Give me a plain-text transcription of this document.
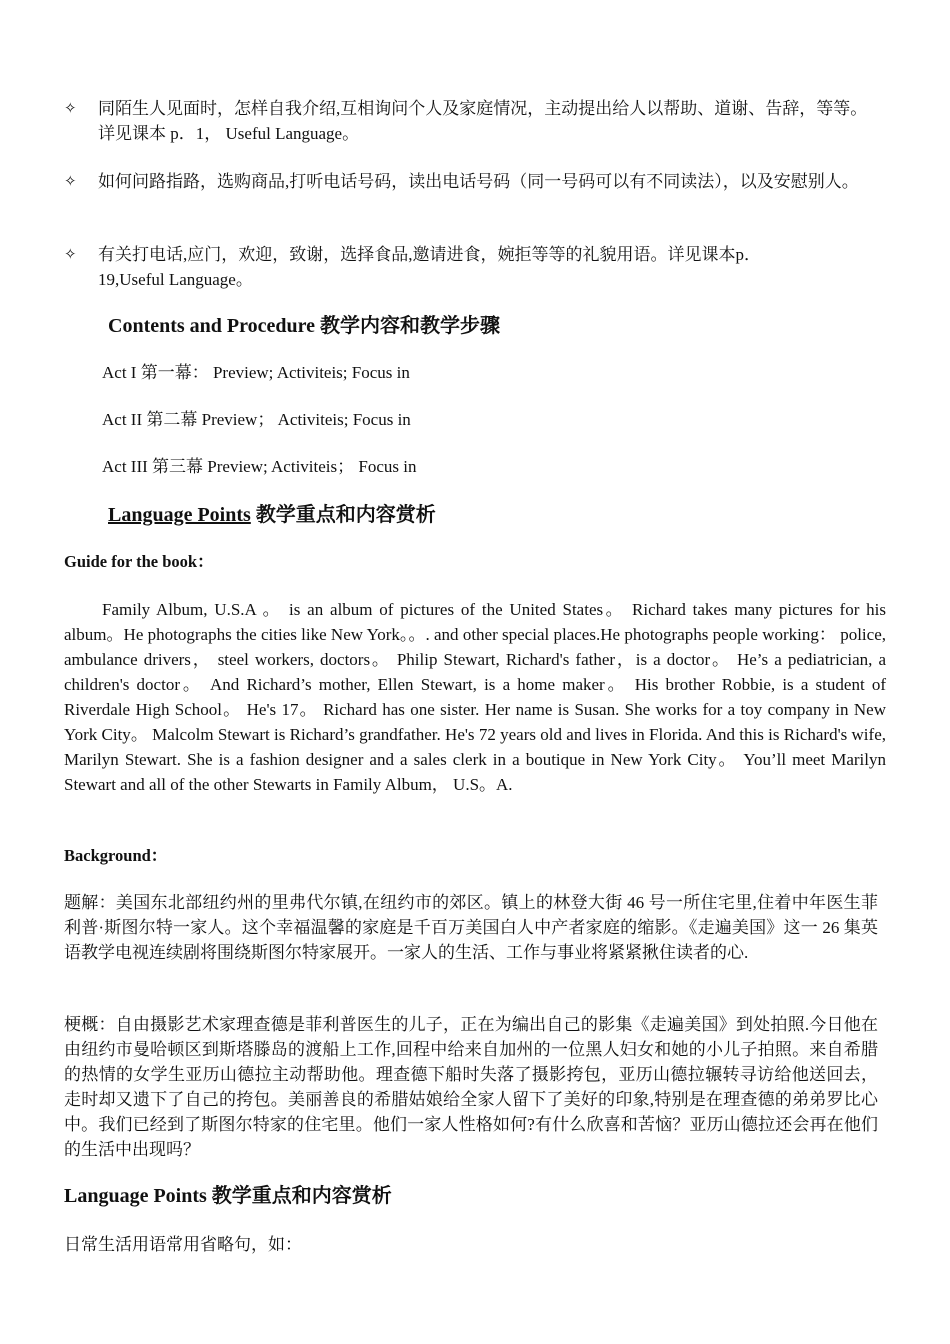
✧	同陌生人见面时，怎样自我介绍,互相询问个人及家庭情况，主动提出给人以帮助、道谢、告辞，等等。详见课本 p．1， Useful Language。
✧	如何问路指路，选购商品,打听电话号码，读出电话号码（同一号码可以有不同读法），以及安慰别人。
✧	有关打电话,应门，欢迎，致谢，选择食品,邀请进食，婉拒等等的礼貌用语。详见课本p．19,Useful Language。
Contents and Procedure 教学内容和教学步骤
Act I 第一幕： Preview; Activiteis; Focus in
Act II 第二幕 Preview； Activiteis; Focus in
Act III 第三幕 Preview; Activiteis； Focus in
Language Points 教学重点和内容赏析
Guide for the book：
Family Album, U.S.A 。 is an album of pictures of the United States。 Richard takes many pictures for his album。He photographs the cities like New York。。. and other special places.He photographs people working： police, ambulance drivers， steel workers, doctors。 Philip Stewart, Richard's father，is a doctor。 He’s a pediatrician, a children's doctor。 And Richard’s mother, Ellen Stewart, is a home maker。 His brother Robbie, is a student of Riverdale High School。 He's 17。 Richard has one sister. Her name is Susan. She works for a toy company in New York City。 Malcolm Stewart is Richard’s grandfather. He's 72 years old and lives in Florida. And this is Richard's wife, Marilyn Stewart. She is a fashion designer and a sales clerk in a boutique in New York City。 You’ll meet Marilyn Stewart and all of the other Stewarts in Family Album， U.S。A.
Background：
题解：美国东北部纽约州的里弗代尔镇,在纽约市的郊区。镇上的林登大街 46 号一所住宅里,住着中年医生菲利普·斯图尔特一家人。这个幸福温馨的家庭是千百万美国白人中产者家庭的缩影。《走遍美国》这一 26 集英语教学电视连续剧将围绕斯图尔特家展开。一家人的生活、工作与事业将紧紧揪住读者的心.
梗概：自由摄影艺术家理查德是菲利普医生的儿子，正在为编出自己的影集《走遍美国》到处拍照.今日他在由纽约市曼哈顿区到斯塔滕岛的渡船上工作,回程中给来自加州的一位黑人妇女和她的小儿子拍照。来自希腊的热情的女学生亚历山德拉主动帮助他。理查德下船时失落了摄影挎包，亚历山德拉辗转寻访给他送回去，走时却又遗下了自己的挎包。美丽善良的希腊姑娘给全家人留下了美好的印象,特别是在理查德的弟弟罗比心中。我们已经到了斯图尔特家的住宅里。他们一家人性格如何?有什么欣喜和苦恼？亚历山德拉还会再在他们的生活中出现吗？
Language Points 教学重点和内容赏析
日常生活用语常用省略句，如：
